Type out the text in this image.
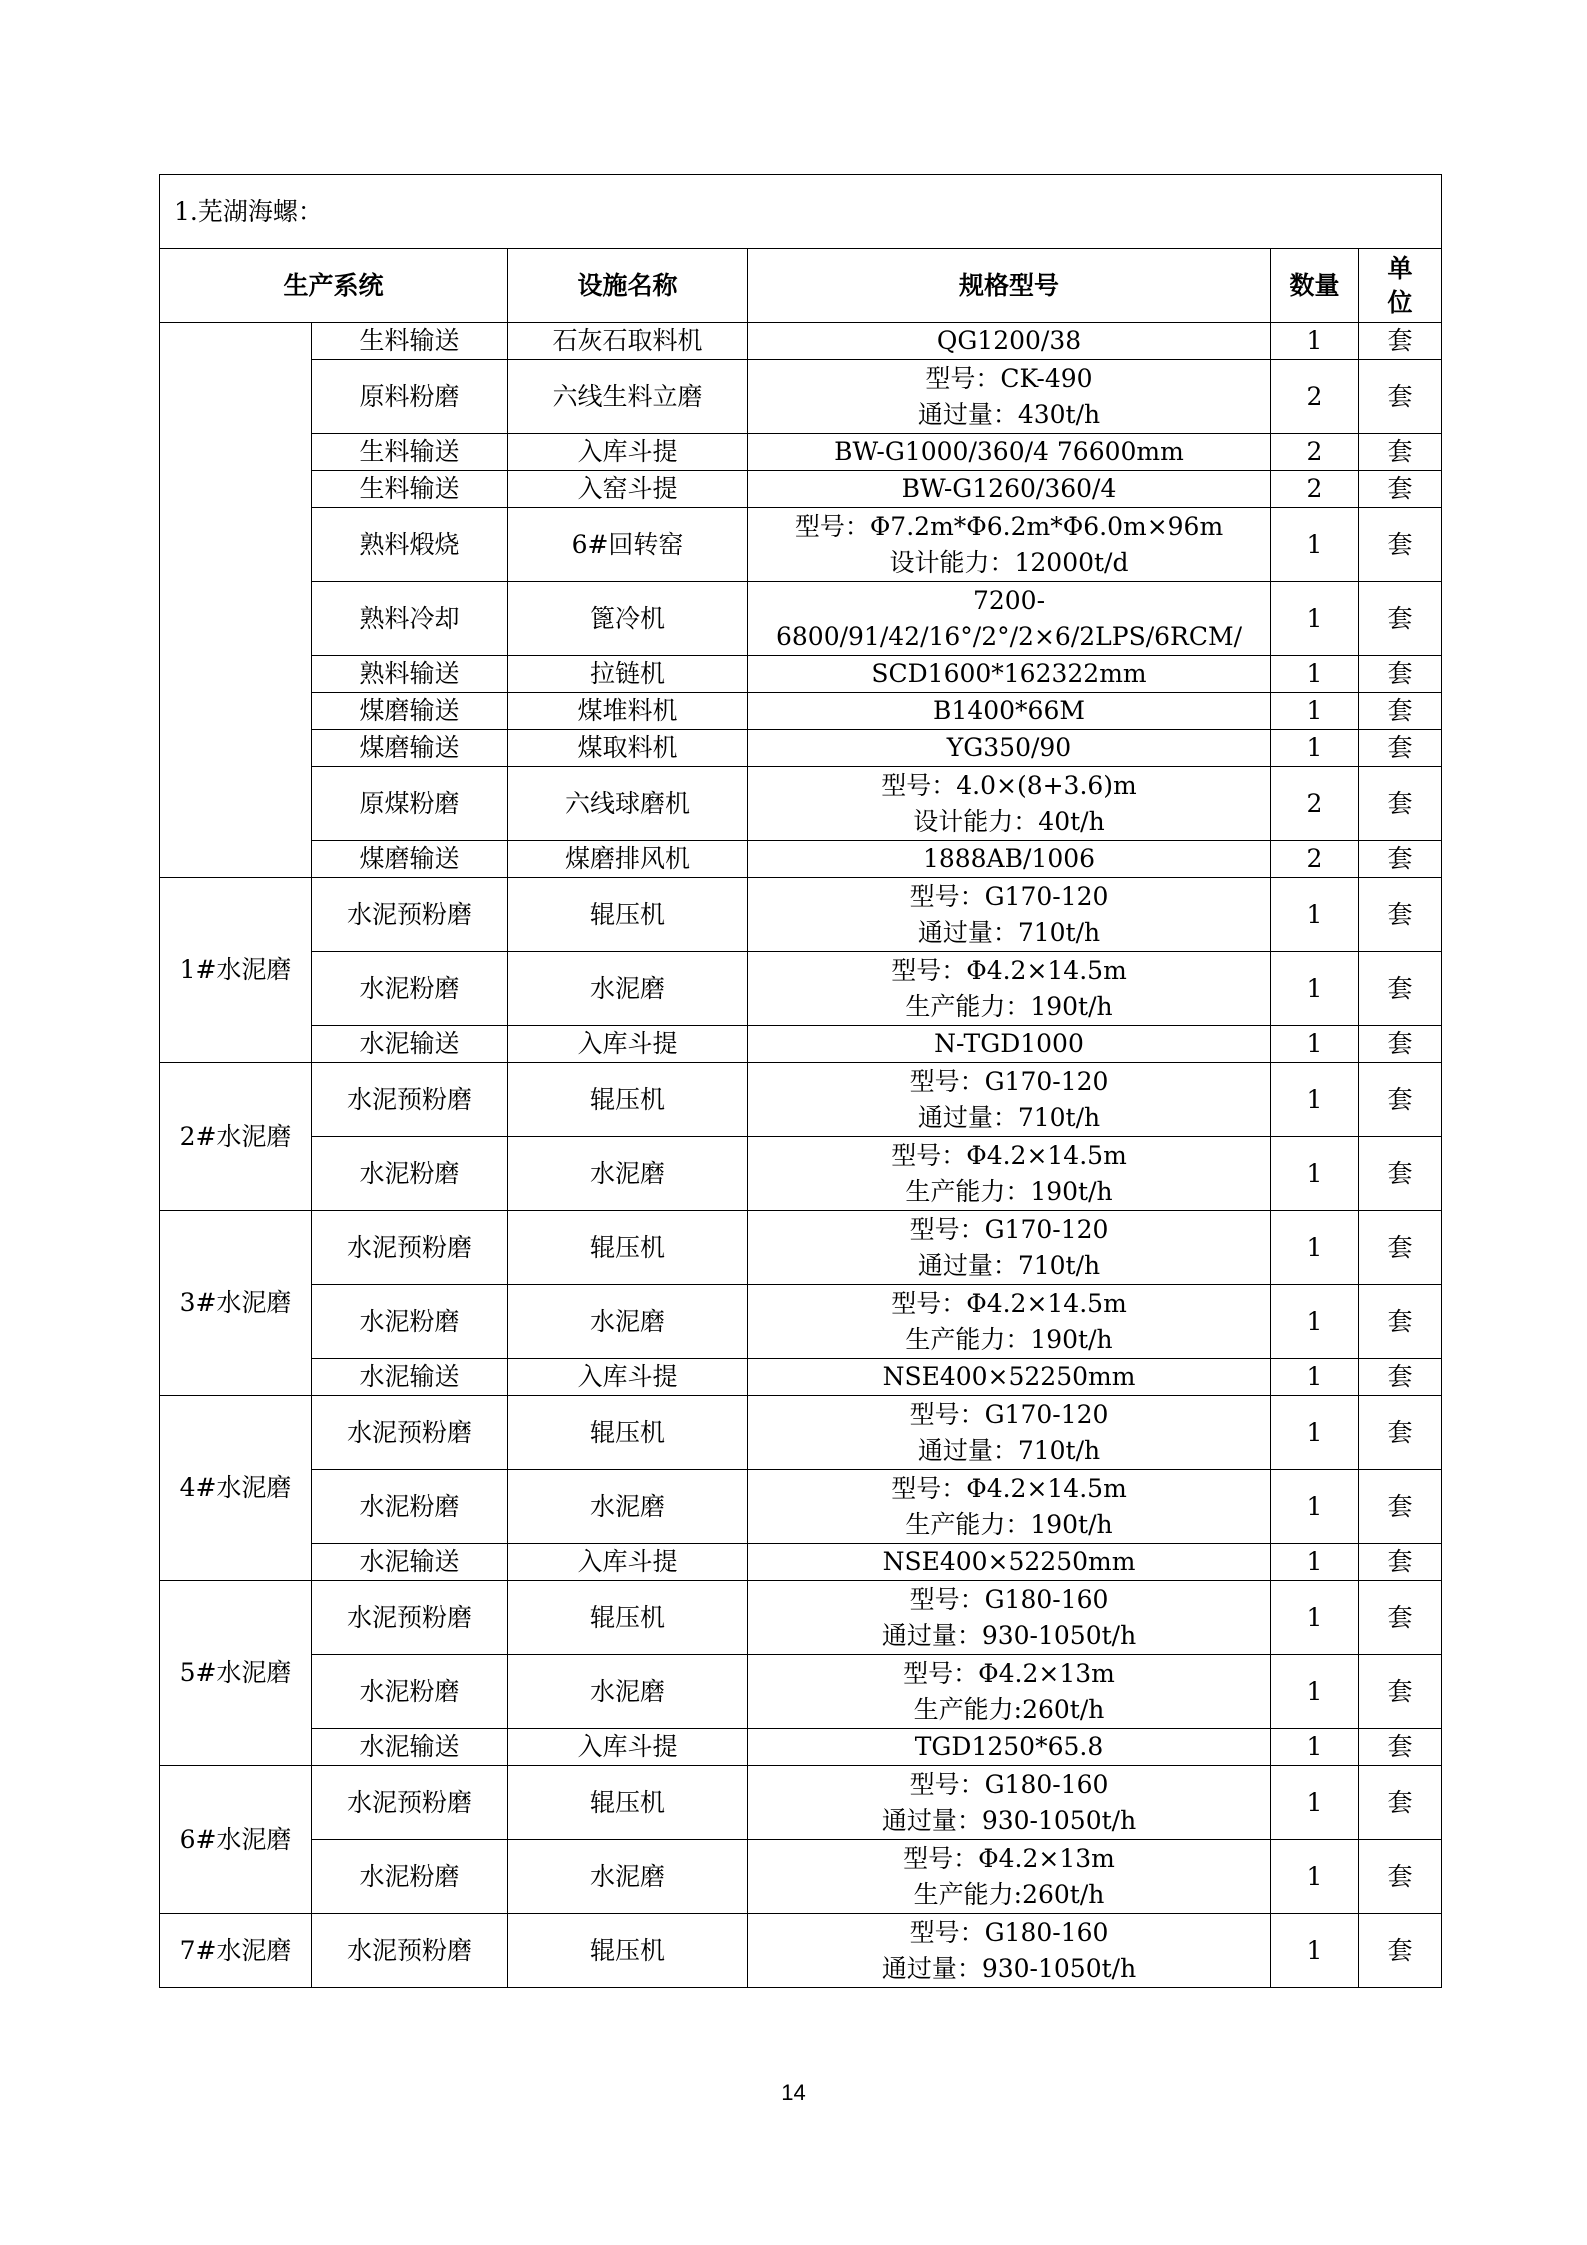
1.芜湖海螺：					
生产系统		设施名称	规格型号	数量	单
位

	生料输送	石灰石取料机	QG1200/38	1	套
	原料粉磨	六线生料立磨	型号：CK-490
通过量：430t/h	2	套
	生料输送	入库斗提	BW-G1000/360/4 76600mm	2	套
	生料输送	入窑斗提	BW-G1260/360/4	2	套
	熟料煅烧	6#回转窑	型号：Φ7.2m*Φ6.2m*Φ6.0m×96m
设计能力：12000t/d	1	套
	熟料冷却	篦冷机	7200-6800/91/42/16°/2°/2×6/2LPS/6RCM/	1	套
	熟料输送	拉链机	SCD1600*162322mm	1	套
	煤磨输送	煤堆料机	B1400*66M	1	套
	煤磨输送	煤取料机	YG350/90	1	套
	原煤粉磨	六线球磨机	型号：4.0×(8+3.6)m
设计能力：40t/h	2	套
	煤磨输送	煤磨排风机	1888AB/1006	2	套
1#水泥磨	水泥预粉磨	辊压机	型号：G170-120
通过量：710t/h	1	套
	水泥粉磨	水泥磨	型号：Φ4.2×14.5m
生产能力：190t/h	1	套
	水泥输送	入库斗提	N-TGD1000	1	套
2#水泥磨	水泥预粉磨	辊压机	型号：G170-120
通过量：710t/h	1	套
	水泥粉磨	水泥磨	型号：Φ4.2×14.5m
生产能力：190t/h	1	套
3#水泥磨	水泥预粉磨	辊压机	型号：G170-120
通过量：710t/h	1	套
	水泥粉磨	水泥磨	型号：Φ4.2×14.5m
生产能力：190t/h	1	套
	水泥输送	入库斗提	NSE400×52250mm	1	套
4#水泥磨	水泥预粉磨	辊压机	型号：G170-120
通过量：710t/h	1	套
	水泥粉磨	水泥磨	型号：Φ4.2×14.5m
生产能力：190t/h	1	套
	水泥输送	入库斗提	NSE400×52250mm	1	套
5#水泥磨	水泥预粉磨	辊压机	型号：G180-160
通过量：930-1050t/h	1	套
	水泥粉磨	水泥磨	型号：Φ4.2×13m
生产能力:260t/h	1	套
	水泥输送	入库斗提	TGD1250*65.8	1	套
6#水泥磨	水泥预粉磨	辊压机	型号：G180-160
通过量：930-1050t/h	1	套
	水泥粉磨	水泥磨	型号：Φ4.2×13m
生产能力:260t/h	1	套
7#水泥磨	水泥预粉磨	辊压机	型号：G180-160
通过量：930-1050t/h	1	套
14
